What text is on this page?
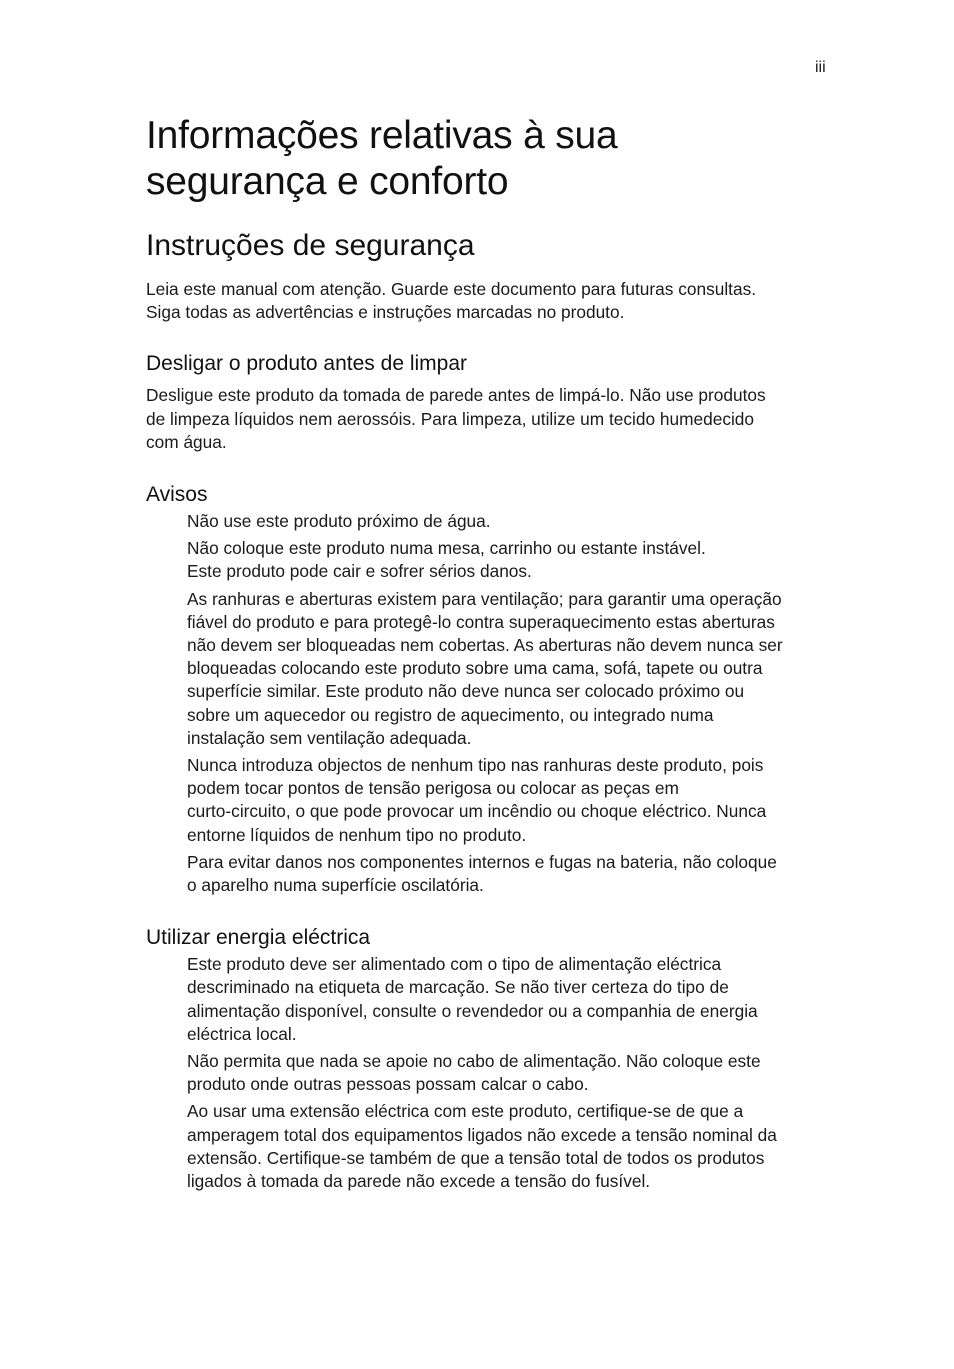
iii
Informações relativas à sua
segurança e conforto
Instruções de segurança

Leia este manual com atenção. Guarde este documento para futuras consultas.
Siga todas as advertências e instruções marcadas no produto.

Desligar o produto antes de limpar

Desligue este produto da tomada de parede antes de limpá-lo. Não use produtos
de limpeza líquidos nem aerossóis. Para limpeza, utilize um tecido humedecido
com água.

Avisos

Não use este produto próximo de água.

Não coloque este produto numa mesa, carrinho ou estante instável.
Este produto pode cair e sofrer sérios danos.

As ranhuras e aberturas existem para ventilação; para garantir uma operação
fiável do produto e para protegê-lo contra superaquecimento estas aberturas
não devem ser bloqueadas nem cobertas. As aberturas não devem nunca ser
bloqueadas colocando este produto sobre uma cama, sofá, tapete ou outra
superfície similar. Este produto não deve nunca ser colocado próximo ou
sobre um aquecedor ou registro de aquecimento, ou integrado numa
instalação sem ventilação adequada.

Nunca introduza objectos de nenhum tipo nas ranhuras deste produto, pois
podem tocar pontos de tensão perigosa ou colocar as peças em
curto-circuito, o que pode provocar um incêndio ou choque eléctrico. Nunca
entorne líquidos de nenhum tipo no produto.

Para evitar danos nos componentes internos e fugas na bateria, não coloque
o aparelho numa superfície oscilatória.

Utilizar energia eléctrica

Este produto deve ser alimentado com o tipo de alimentação eléctrica
descriminado na etiqueta de marcação. Se não tiver certeza do tipo de
alimentação disponível, consulte o revendedor ou a companhia de energia
eléctrica local.

Não permita que nada se apoie no cabo de alimentação. Não coloque este
produto onde outras pessoas possam calcar o cabo.

Ao usar uma extensão eléctrica com este produto, certifique-se de que a
amperagem total dos equipamentos ligados não excede a tensão nominal da
extensão. Certifique-se também de que a tensão total de todos os produtos
ligados à tomada da parede não excede a tensão do fusível.
